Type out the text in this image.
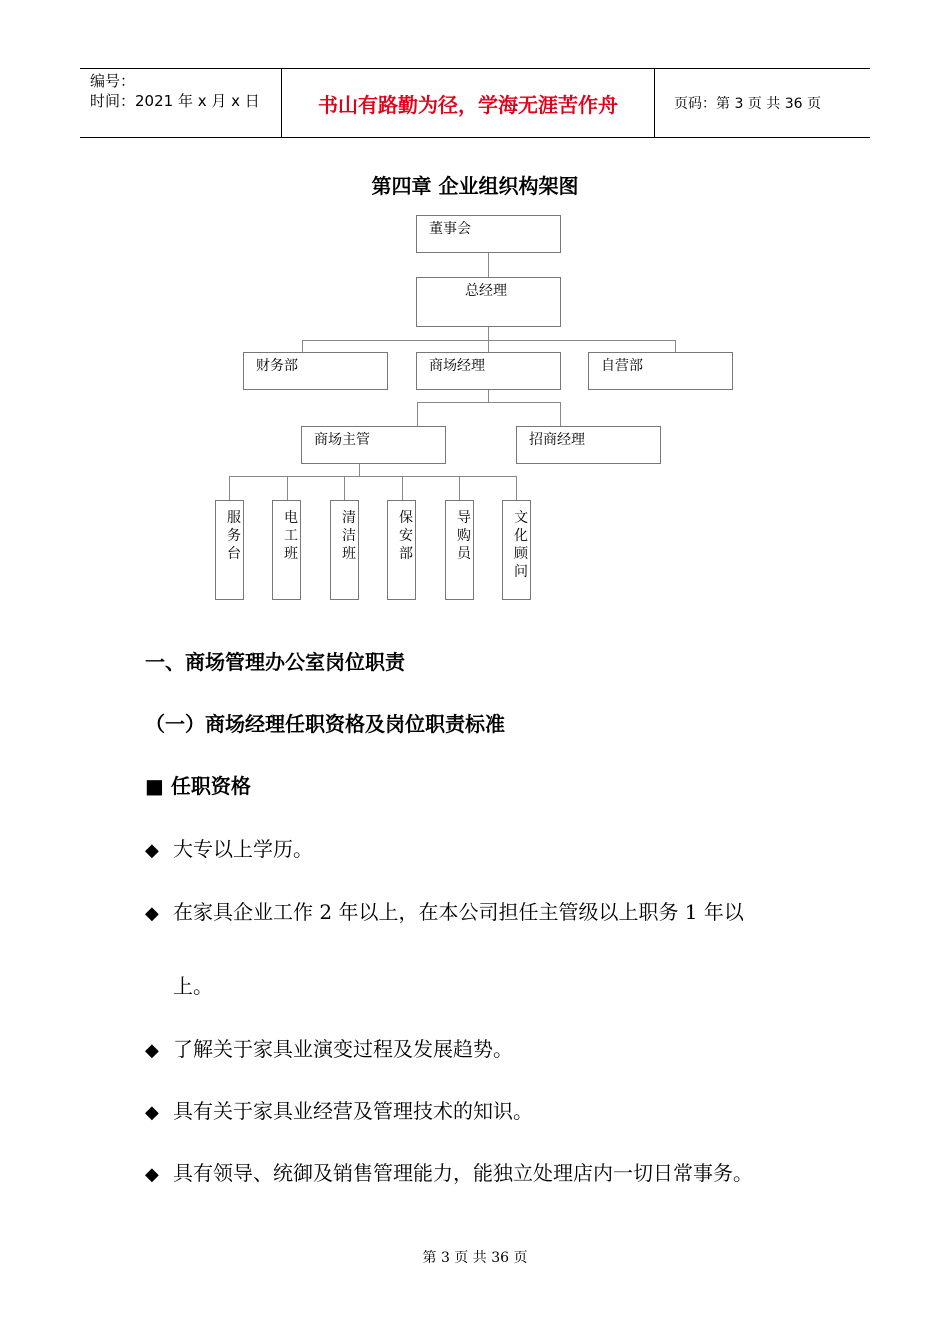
编号：
时间：2021 年 x 月 x 日	书山有路勤为径，学海无涯苦作舟	页码：第 3 页 共 36 页
第四章 企业组织构架图
董事会
总经理
财务部	商场经理	自营部
商场主管	招商经理
服务台
电工班
清洁班
保安部
导购员
文化顾问
一、商场管理办公室岗位职责
（一）商场经理任职资格及岗位职责标准
■ 任职资格
◆ 大专以上学历。
◆ 在家具企业工作 2 年以上，在本公司担任主管级以上职务 1 年以
上。
◆ 了解关于家具业演变过程及发展趋势。
◆ 具有关于家具业经营及管理技术的知识。
◆ 具有领导、统御及销售管理能力，能独立处理店内一切日常事务。
第 3 页 共 36 页
